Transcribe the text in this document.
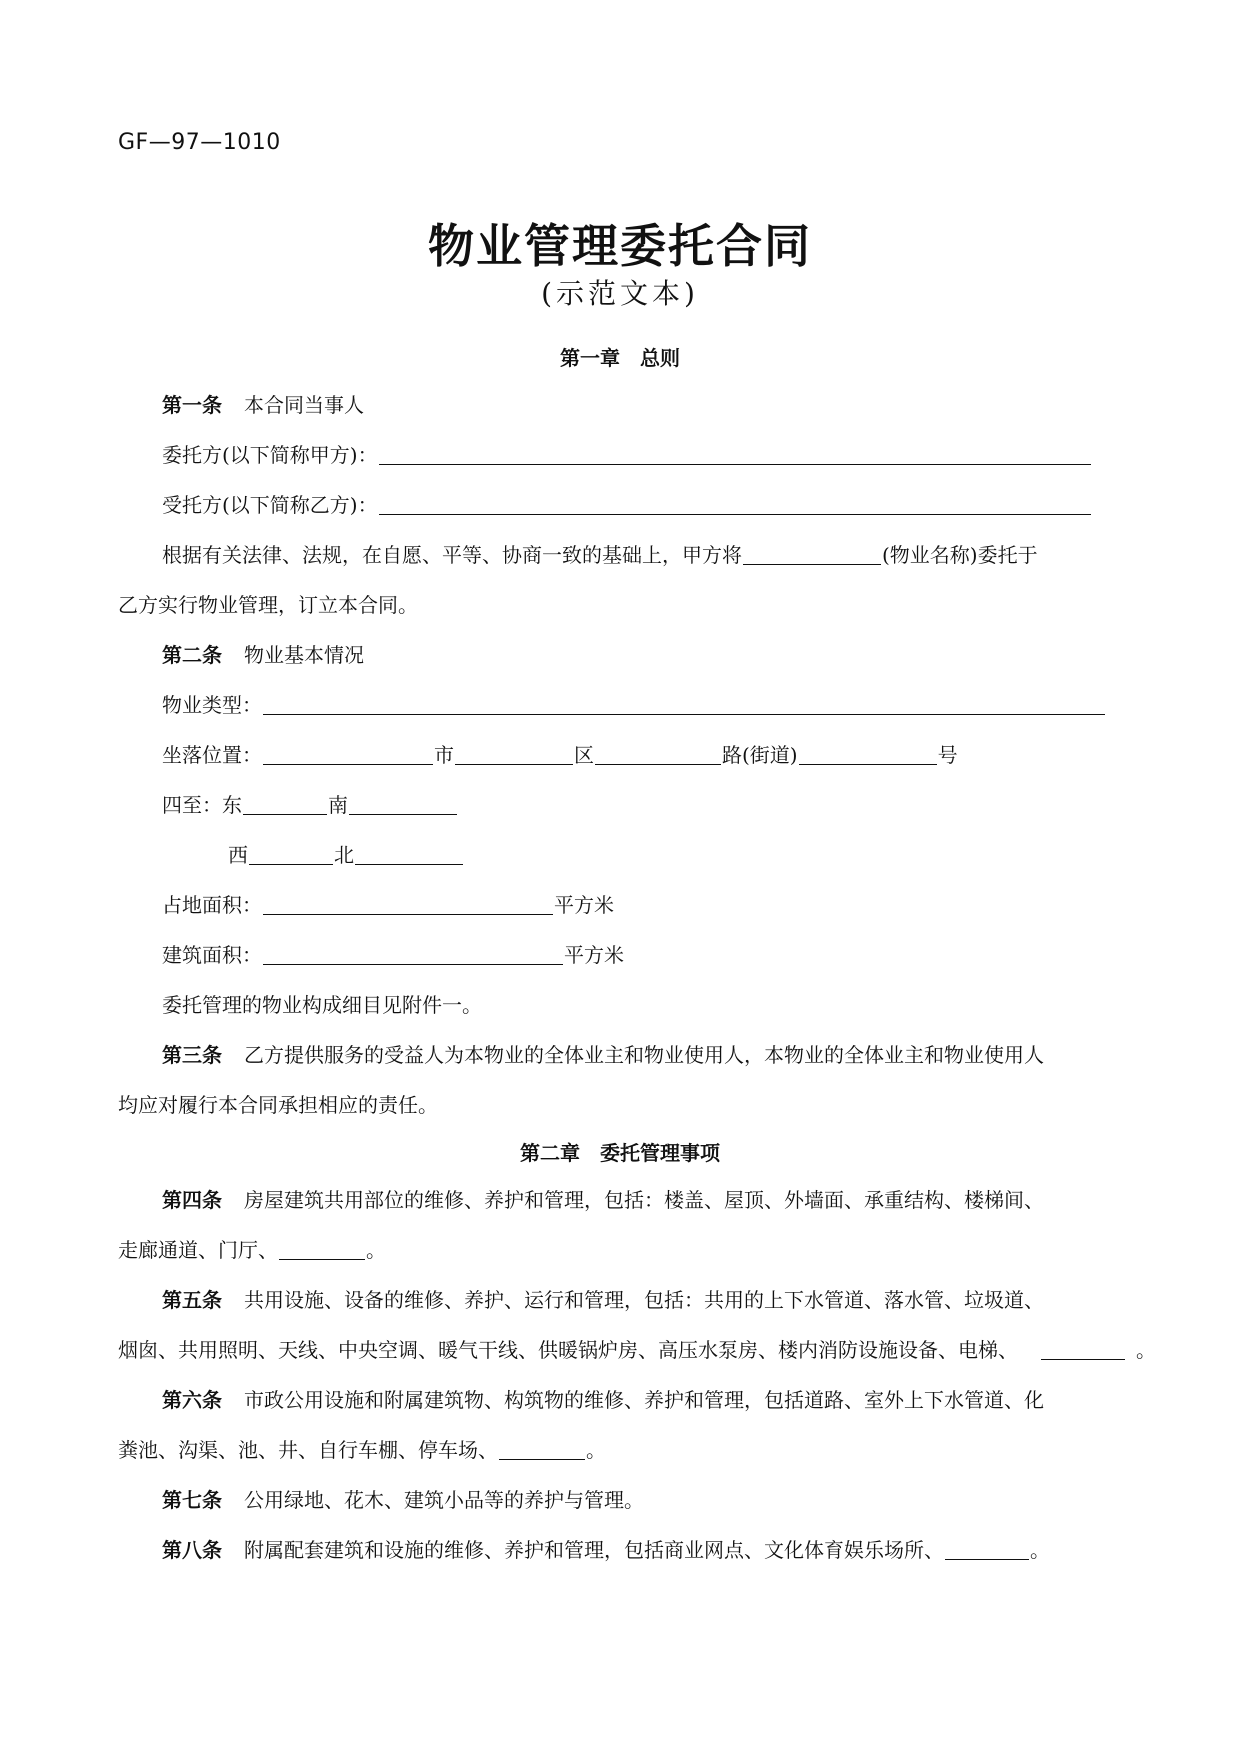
GF—97—1010
物业管理委托合同
(示范文本)
第一章　总则
第一条 本合同当事人
委托方(以下简称甲方)：
受托方(以下简称乙方)：
根据有关法律、法规，在自愿、平等、协商一致的基础上，甲方将	(物业名称)委托于
乙方实行物业管理，订立本合同。
第二条 物业基本情况
物业类型：
坐落位置：	市	区	路(街道)	号
四至：东	南
西	北
占地面积：	平方米
建筑面积：	平方米
委托管理的物业构成细目见附件一。
第三条 乙方提供服务的受益人为本物业的全体业主和物业使用人，本物业的全体业主和物业使用人
均应对履行本合同承担相应的责任。
第二章　委托管理事项
第四条 房屋建筑共用部位的维修、养护和管理，包括：楼盖、屋顶、外墙面、承重结构、楼梯间、
走廊通道、门厅、	。
第五条 共用设施、设备的维修、养护、运行和管理，包括：共用的上下水管道、落水管、垃圾道、
烟囱、共用照明、天线、中央空调、暖气干线、供暖锅炉房、高压水泵房、楼内消防设施设备、电梯、	。
第六条 市政公用设施和附属建筑物、构筑物的维修、养护和管理，包括道路、室外上下水管道、化
粪池、沟渠、池、井、自行车棚、停车场、	。
第七条 公用绿地、花木、建筑小品等的养护与管理。
第八条 附属配套建筑和设施的维修、养护和管理，包括商业网点、文化体育娱乐场所、	。
